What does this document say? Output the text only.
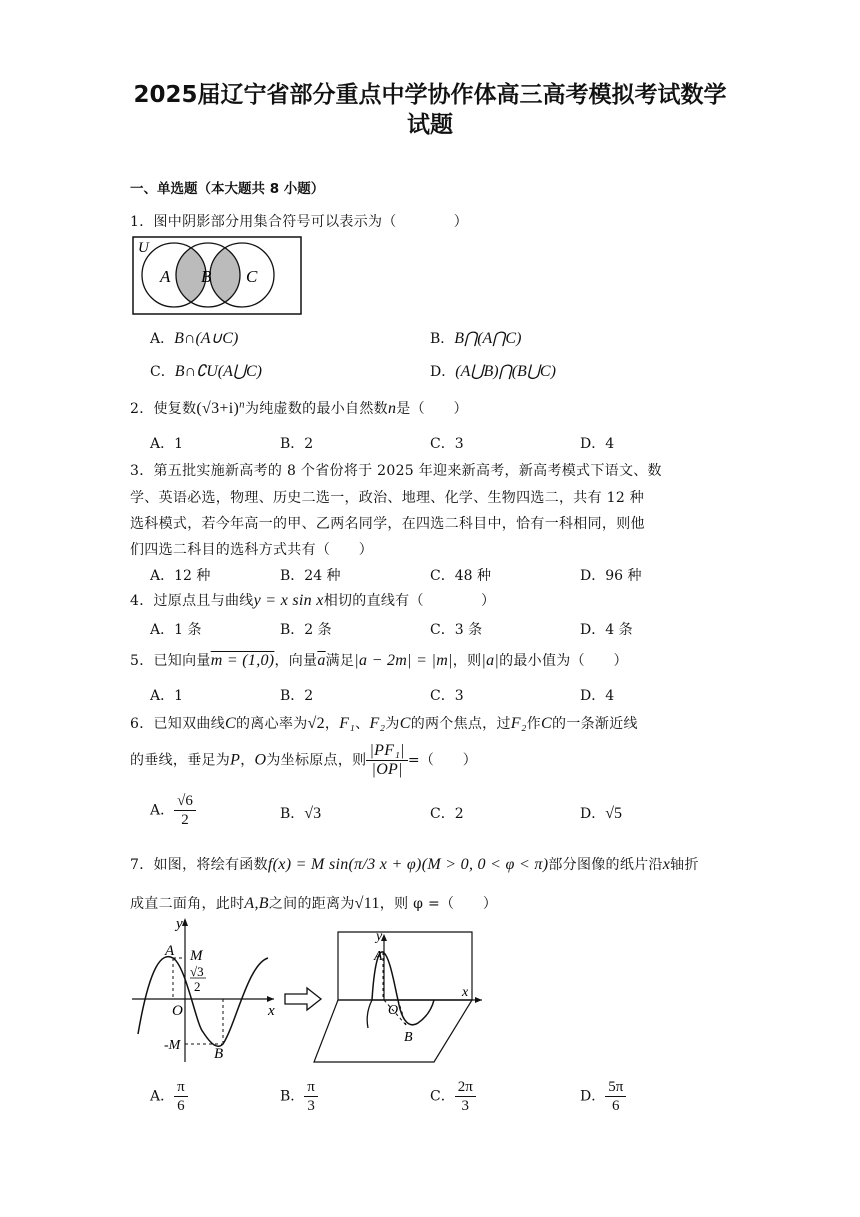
2025届辽宁省部分重点中学协作体高三高考模拟考试数学
试题
一、单选题（本大题共 8 小题）
1．图中阴影部分用集合符号可以表示为（　　　　）
U
A B C
A．B∩(A∪C)	B．B⋂(A⋂C)
C．B∩∁U(A⋃C)	D．(A⋃B)⋂(B⋃C)
2．使复数$(√3+i)^n$为纯虚数的最小自然数n是（　　）
A．1	B．2	C．3	D．4
3．第五批实施新高考的 8 个省份将于 2025 年迎来新高考，新高考模式下语文、数
学、英语必选，物理、历史二选一，政治、地理、化学、生物四选二，共有 12 种
选科模式，若今年高一的甲、乙两名同学，在四选二科目中，恰有一科相同，则他
们四选二科目的选科方式共有（　　）
A．12 种	B．24 种	C．48 种	D．96 种
4．过原点且与曲线y = x sin x相切的直线有（　　　　）
A．1 条	B．2 条	C．3 条	D．4 条
5．已知向量m = (1,0)，向量$\overline{a}$满足|a − 2m| = |m|，则|a|的最小值为（　　）
A．1	B．2	C．3	D．4
6．已知双曲线C的离心率为√2，F₁、F₂为C的两个焦点，过F₂作C的一条渐近线
的垂线，垂足为P，O为坐标原点，则 $\frac{\text{|PF₁|}}{|OP|}$ =（　　）
A． $\frac{√6}{2}$	B．√3	C．2	D．√5
7．如图，将绘有函数f(x) = M sin(π/3 x + φ)(M > 0, 0 < φ < π)部分图像的纸片沿x轴折
成直二面角，此时A,B之间的距离为√11，则 φ =（　　）
y
A M
√3
2
O	x
-M
B
y
A
O
x
B
A． $\frac{\pi}{6}$	B． $\frac{\pi}{3}$	C． $\frac{2\pi}{3}$	D． $\frac{5\pi}{6}$
